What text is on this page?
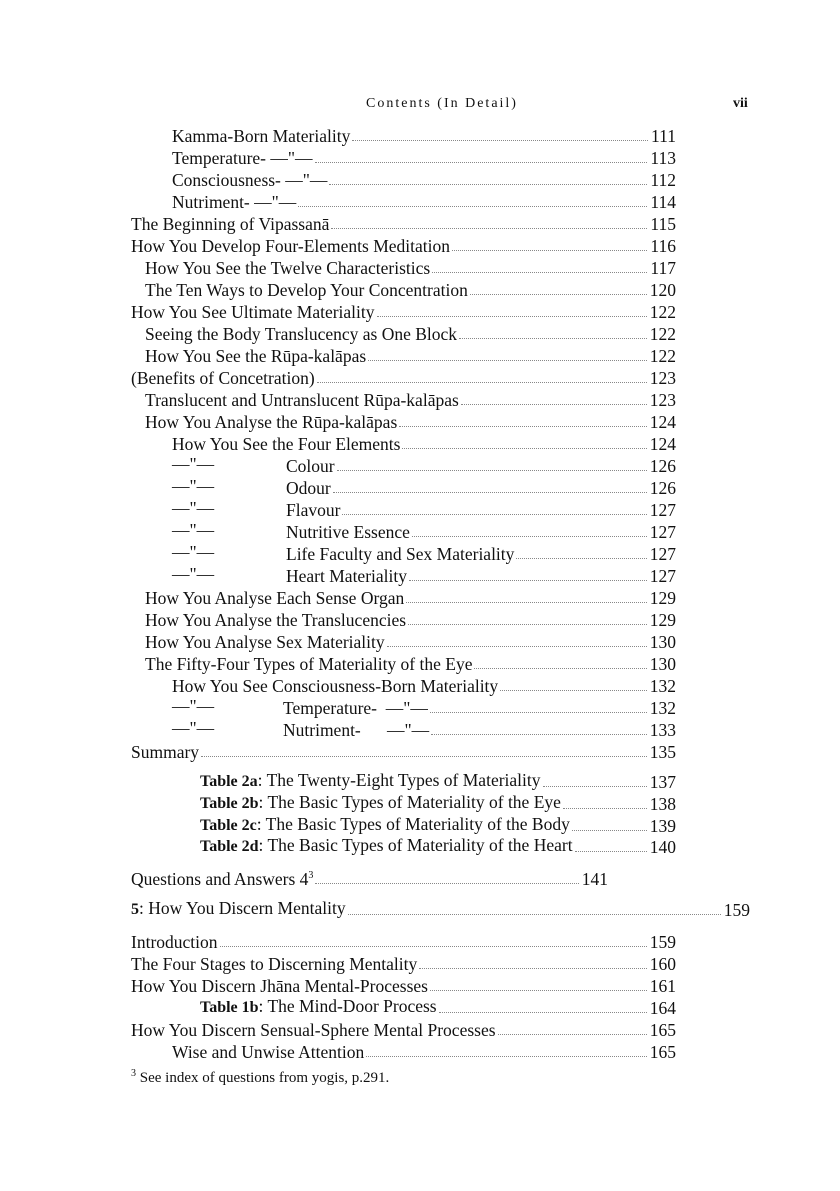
Contents (In Detail)	vii
Kamma-Born Materiality	111
Temperature- —"—	113
Consciousness- —"—	112
Nutriment- —"—	114
The Beginning of Vipassanā	115
How You Develop Four-Elements Meditation	116
How You See the Twelve Characteristics	117
The Ten Ways to Develop Your Concentration	120
How You See Ultimate Materiality	122
Seeing the Body Translucency as One Block	122
How You See the Rūpa-kalāpas	122
(Benefits of Concetration)	123
Translucent and Untranslucent Rūpa-kalāpas	123
How You Analyse the Rūpa-kalāpas	124
How You See the Four Elements	124
—"—	Colour	126
—"—	Odour	126
—"—	Flavour	127
—"—	Nutritive Essence	127
—"—	Life Faculty and Sex Materiality	127
—"—	Heart Materiality	127
How You Analyse Each Sense Organ	129
How You Analyse the Translucencies	129
How You Analyse Sex Materiality	130
The Fifty-Four Types of Materiality of the Eye	130
How You See Consciousness-Born Materiality	132
—"—	Temperature-  —"—	132
—"—	Nutriment-      —"—	133
Summary	135
Table 2a: The Twenty-Eight Types of Materiality	137
Table 2b: The Basic Types of Materiality of the Eye	138
Table 2c: The Basic Types of Materiality of the Body	139
Table 2d: The Basic Types of Materiality of the Heart	140
Questions and Answers $4^3$	141
5: How You Discern Mentality	159
Introduction	159
The Four Stages to Discerning Mentality	160
How You Discern Jhāna Mental-Processes	161
Table 1b: The Mind-Door Process	164
How You Discern Sensual-Sphere Mental Processes	165
Wise and Unwise Attention	165
$^3$ See index of questions from yogis, p.291.
